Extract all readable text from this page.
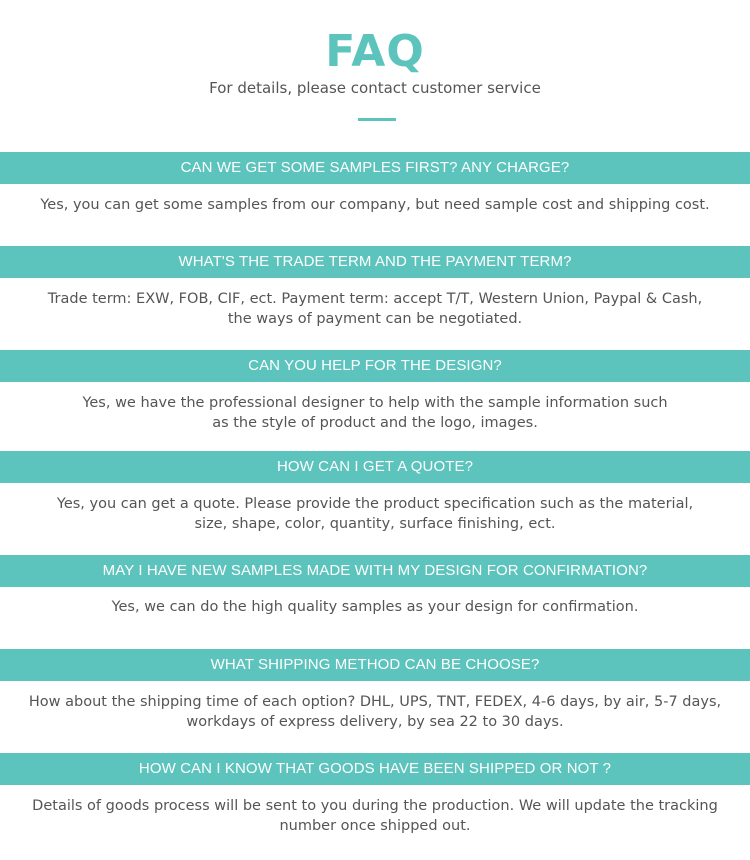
FAQ
For details, please contact customer service
CAN WE GET SOME SAMPLES FIRST? ANY CHARGE?
Yes, you can get some samples from our company, but need sample cost and shipping cost.
WHAT'S THE TRADE TERM AND THE PAYMENT TERM?
Trade term: EXW, FOB, CIF, ect. Payment term: accept T/T, Western Union, Paypal & Cash,
the ways of payment can be negotiated.
CAN YOU HELP FOR THE DESIGN?
Yes, we have the professional designer to help with the sample information such
as the style of product and the logo, images.
HOW CAN I GET A QUOTE?
Yes, you can get a quote. Please provide the product specification such as the material,
size, shape, color, quantity, surface finishing, ect.
MAY I HAVE NEW SAMPLES MADE WITH MY DESIGN FOR CONFIRMATION?
Yes, we can do the high quality samples as your design for confirmation.
WHAT SHIPPING METHOD CAN BE CHOOSE?
How about the shipping time of each option? DHL, UPS, TNT, FEDEX, 4-6 days, by air, 5-7 days,
workdays of express delivery, by sea 22 to 30 days.
HOW CAN I KNOW THAT GOODS HAVE BEEN SHIPPED OR NOT ?
Details of goods process will be sent to you during the production. We will update the tracking
number once shipped out.
